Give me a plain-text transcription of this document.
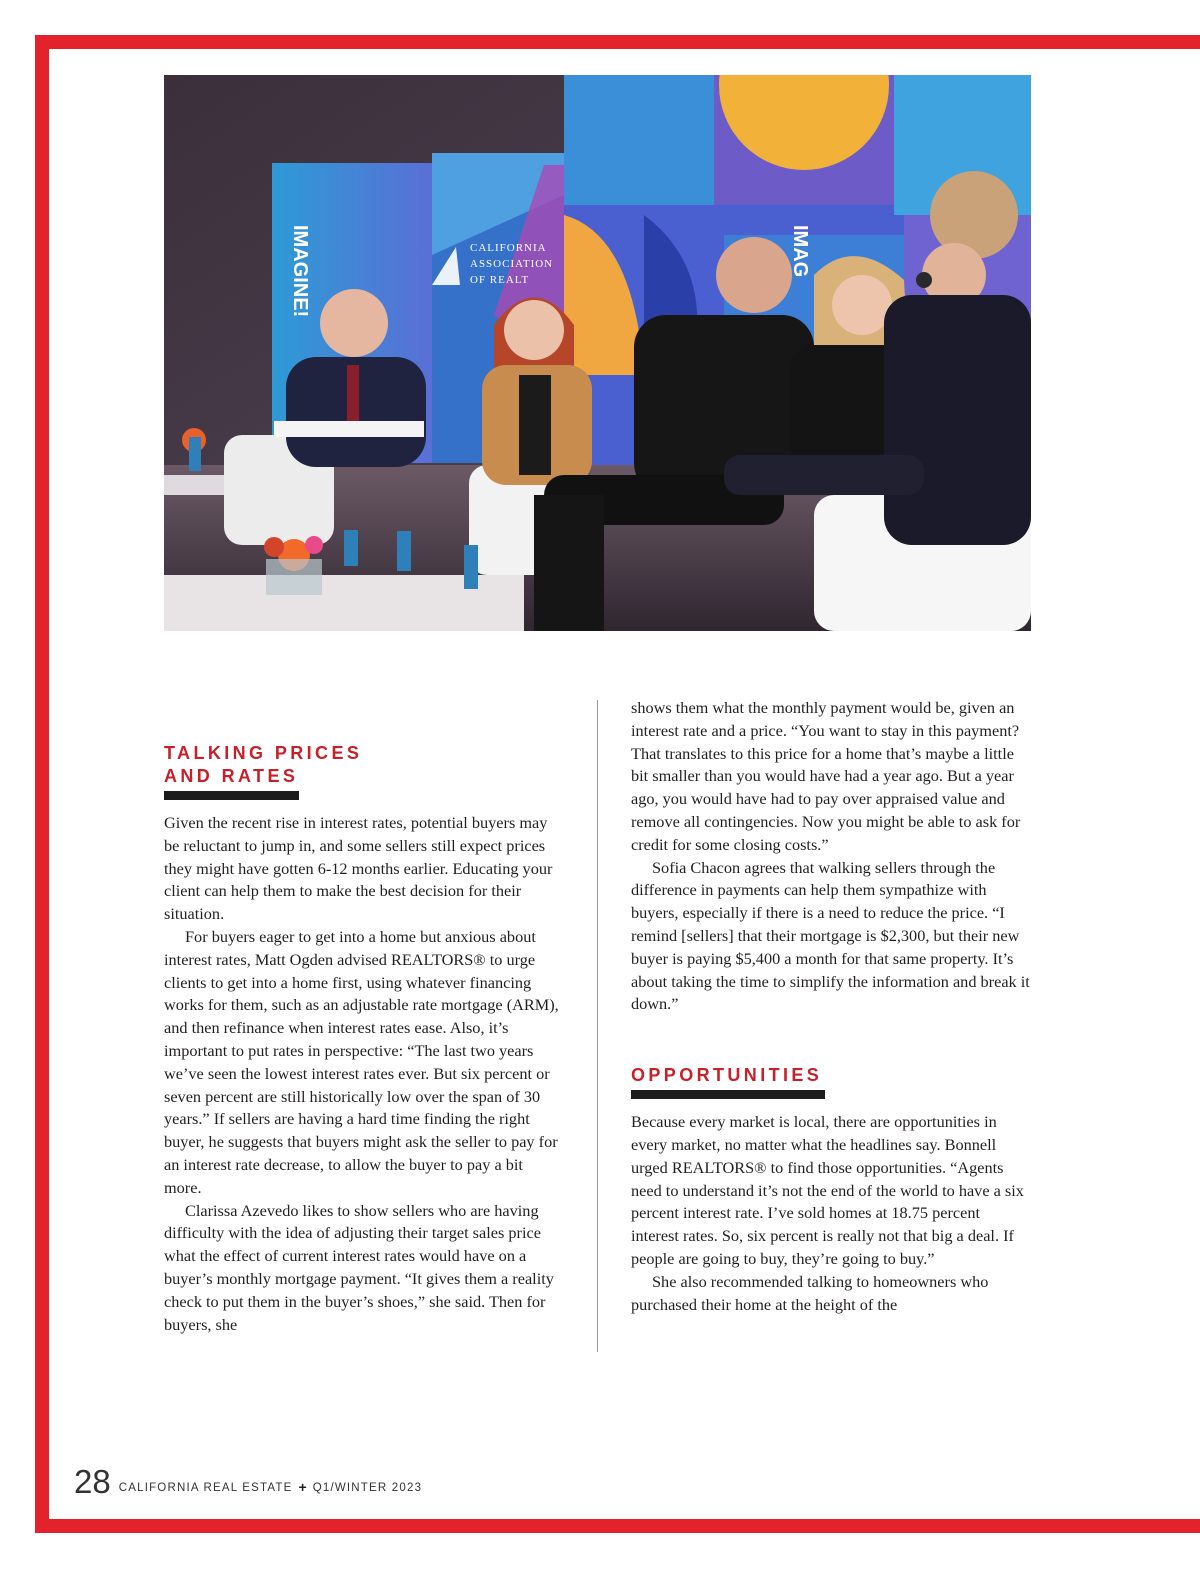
IMAGINE!	CALIFORNIA
ASSOCIATION
OF REALT
IMAG
TALKING PRICES
AND RATES

Given the recent rise in interest rates, potential buyers may be reluctant to jump in, and some sellers still expect prices they might have gotten 6-12 months earlier. Educating your client can help them to make the best decision for their situation.

For buyers eager to get into a home but anxious about interest rates, Matt Ogden advised REALTORS® to urge clients to get into a home first, using whatever financing works for them, such as an adjustable rate mortgage (ARM), and then refinance when interest rates ease. Also, it’s important to put rates in perspective: “The last two years we’ve seen the lowest interest rates ever. But six percent or seven percent are still historically low over the span of 30 years.” If sellers are having a hard time finding the right buyer, he suggests that buyers might ask the seller to pay for an interest rate decrease, to allow the buyer to pay a bit more.

Clarissa Azevedo likes to show sellers who are having difficulty with the idea of adjusting their target sales price what the effect of current interest rates would have on a buyer’s monthly mortgage payment. “It gives them a reality check to put them in the buyer’s shoes,” she said. Then for buyers, she

shows them what the monthly payment would be, given an interest rate and a price. “You want to stay in this payment? That translates to this price for a home that’s maybe a little bit smaller than you would have had a year ago. But a year ago, you would have had to pay over appraised value and remove all contingencies. Now you might be able to ask for credit for some closing costs.”

Sofia Chacon agrees that walking sellers through the difference in payments can help them sympathize with buyers, especially if there is a need to reduce the price. “I remind [sellers] that their mortgage is $2,300, but their new buyer is paying $5,400 a month for that same property. It’s about taking the time to simplify the information and break it down.”

OPPORTUNITIES

Because every market is local, there are opportunities in every market, no matter what the headlines say. Bonnell urged REALTORS® to find those opportunities. “Agents need to understand it’s not the end of the world to have a six percent interest rate. I’ve sold homes at 18.75 percent interest rates. So, six percent is really not that big a deal. If people are going to buy, they’re going to buy.”

She also recommended talking to homeowners who purchased their home at the height of the

28 CALIFORNIA REAL ESTATE + Q1/WINTER 2023
